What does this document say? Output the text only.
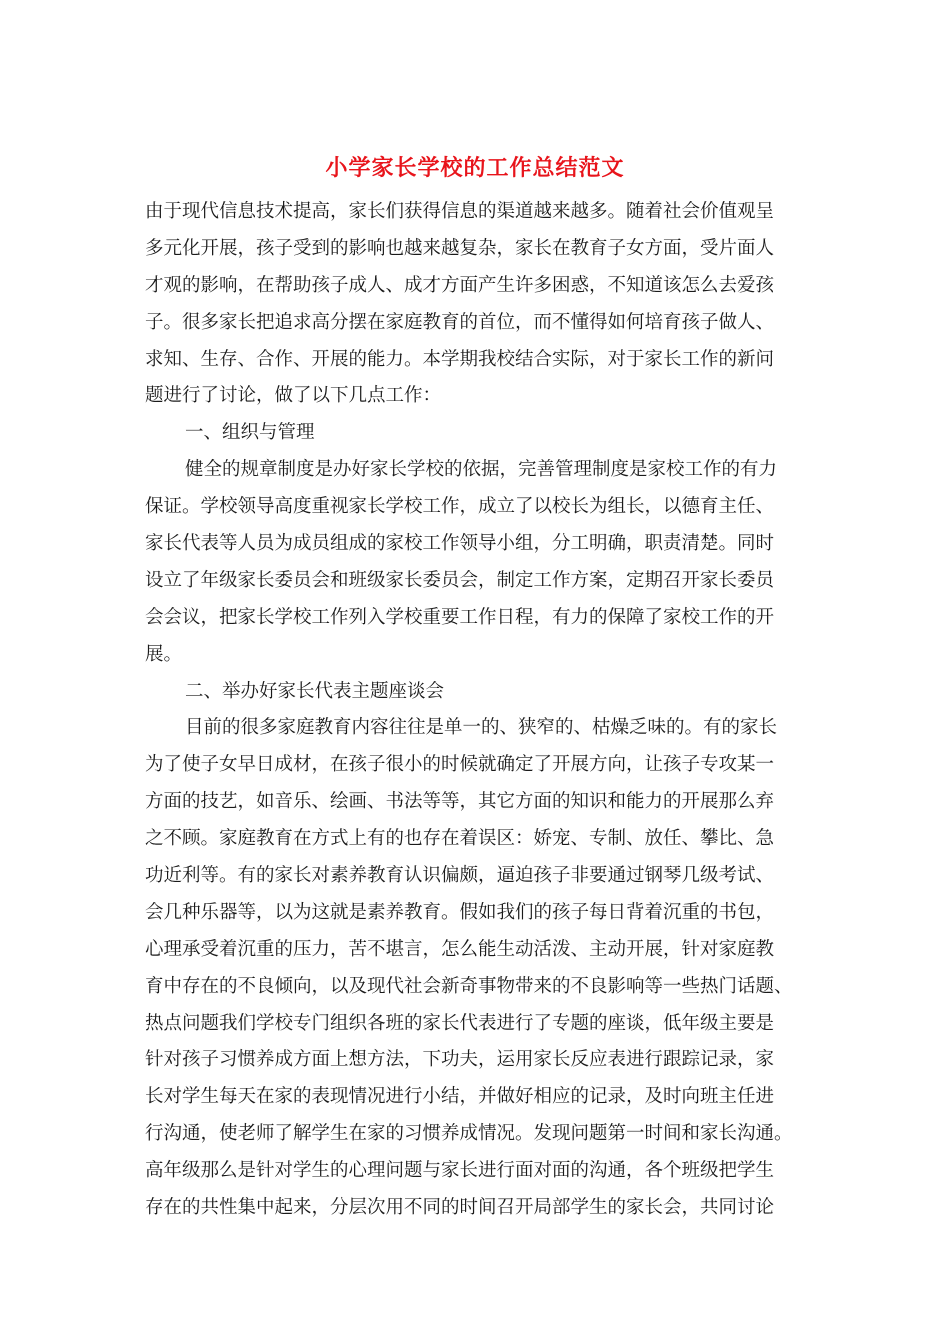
小学家长学校的工作总结范文
由于现代信息技术提高，家长们获得信息的渠道越来越多。随着社会价值观呈
多元化开展，孩子受到的影响也越来越复杂，家长在教育子女方面，受片面人
才观的影响，在帮助孩子成人、成才方面产生许多困惑，不知道该怎么去爱孩
子。很多家长把追求高分摆在家庭教育的首位，而不懂得如何培育孩子做人、
求知、生存、合作、开展的能力。本学期我校结合实际，对于家长工作的新问
题进行了讨论，做了以下几点工作：
一、组织与管理
健全的规章制度是办好家长学校的依据，完善管理制度是家校工作的有力
保证。学校领导高度重视家长学校工作，成立了以校长为组长，以德育主任、
家长代表等人员为成员组成的家校工作领导小组，分工明确，职责清楚。同时
设立了年级家长委员会和班级家长委员会，制定工作方案，定期召开家长委员
会会议，把家长学校工作列入学校重要工作日程，有力的保障了家校工作的开
展。
二、举办好家长代表主题座谈会
目前的很多家庭教育内容往往是单一的、狭窄的、枯燥乏味的。有的家长
为了使子女早日成材，在孩子很小的时候就确定了开展方向，让孩子专攻某一
方面的技艺，如音乐、绘画、书法等等，其它方面的知识和能力的开展那么弃
之不顾。家庭教育在方式上有的也存在着误区：娇宠、专制、放任、攀比、急
功近利等。有的家长对素养教育认识偏颇，逼迫孩子非要通过钢琴几级考试、
会几种乐器等，以为这就是素养教育。假如我们的孩子每日背着沉重的书包，
心理承受着沉重的压力，苦不堪言，怎么能生动活泼、主动开展，针对家庭教
育中存在的不良倾向，以及现代社会新奇事物带来的不良影响等一些热门话题、
热点问题我们学校专门组织各班的家长代表进行了专题的座谈，低年级主要是
针对孩子习惯养成方面上想方法，下功夫，运用家长反应表进行跟踪记录，家
长对学生每天在家的表现情况进行小结，并做好相应的记录，及时向班主任进
行沟通，使老师了解学生在家的习惯养成情况。发现问题第一时间和家长沟通。
高年级那么是针对学生的心理问题与家长进行面对面的沟通，各个班级把学生
存在的共性集中起来，分层次用不同的时间召开局部学生的家长会，共同讨论
